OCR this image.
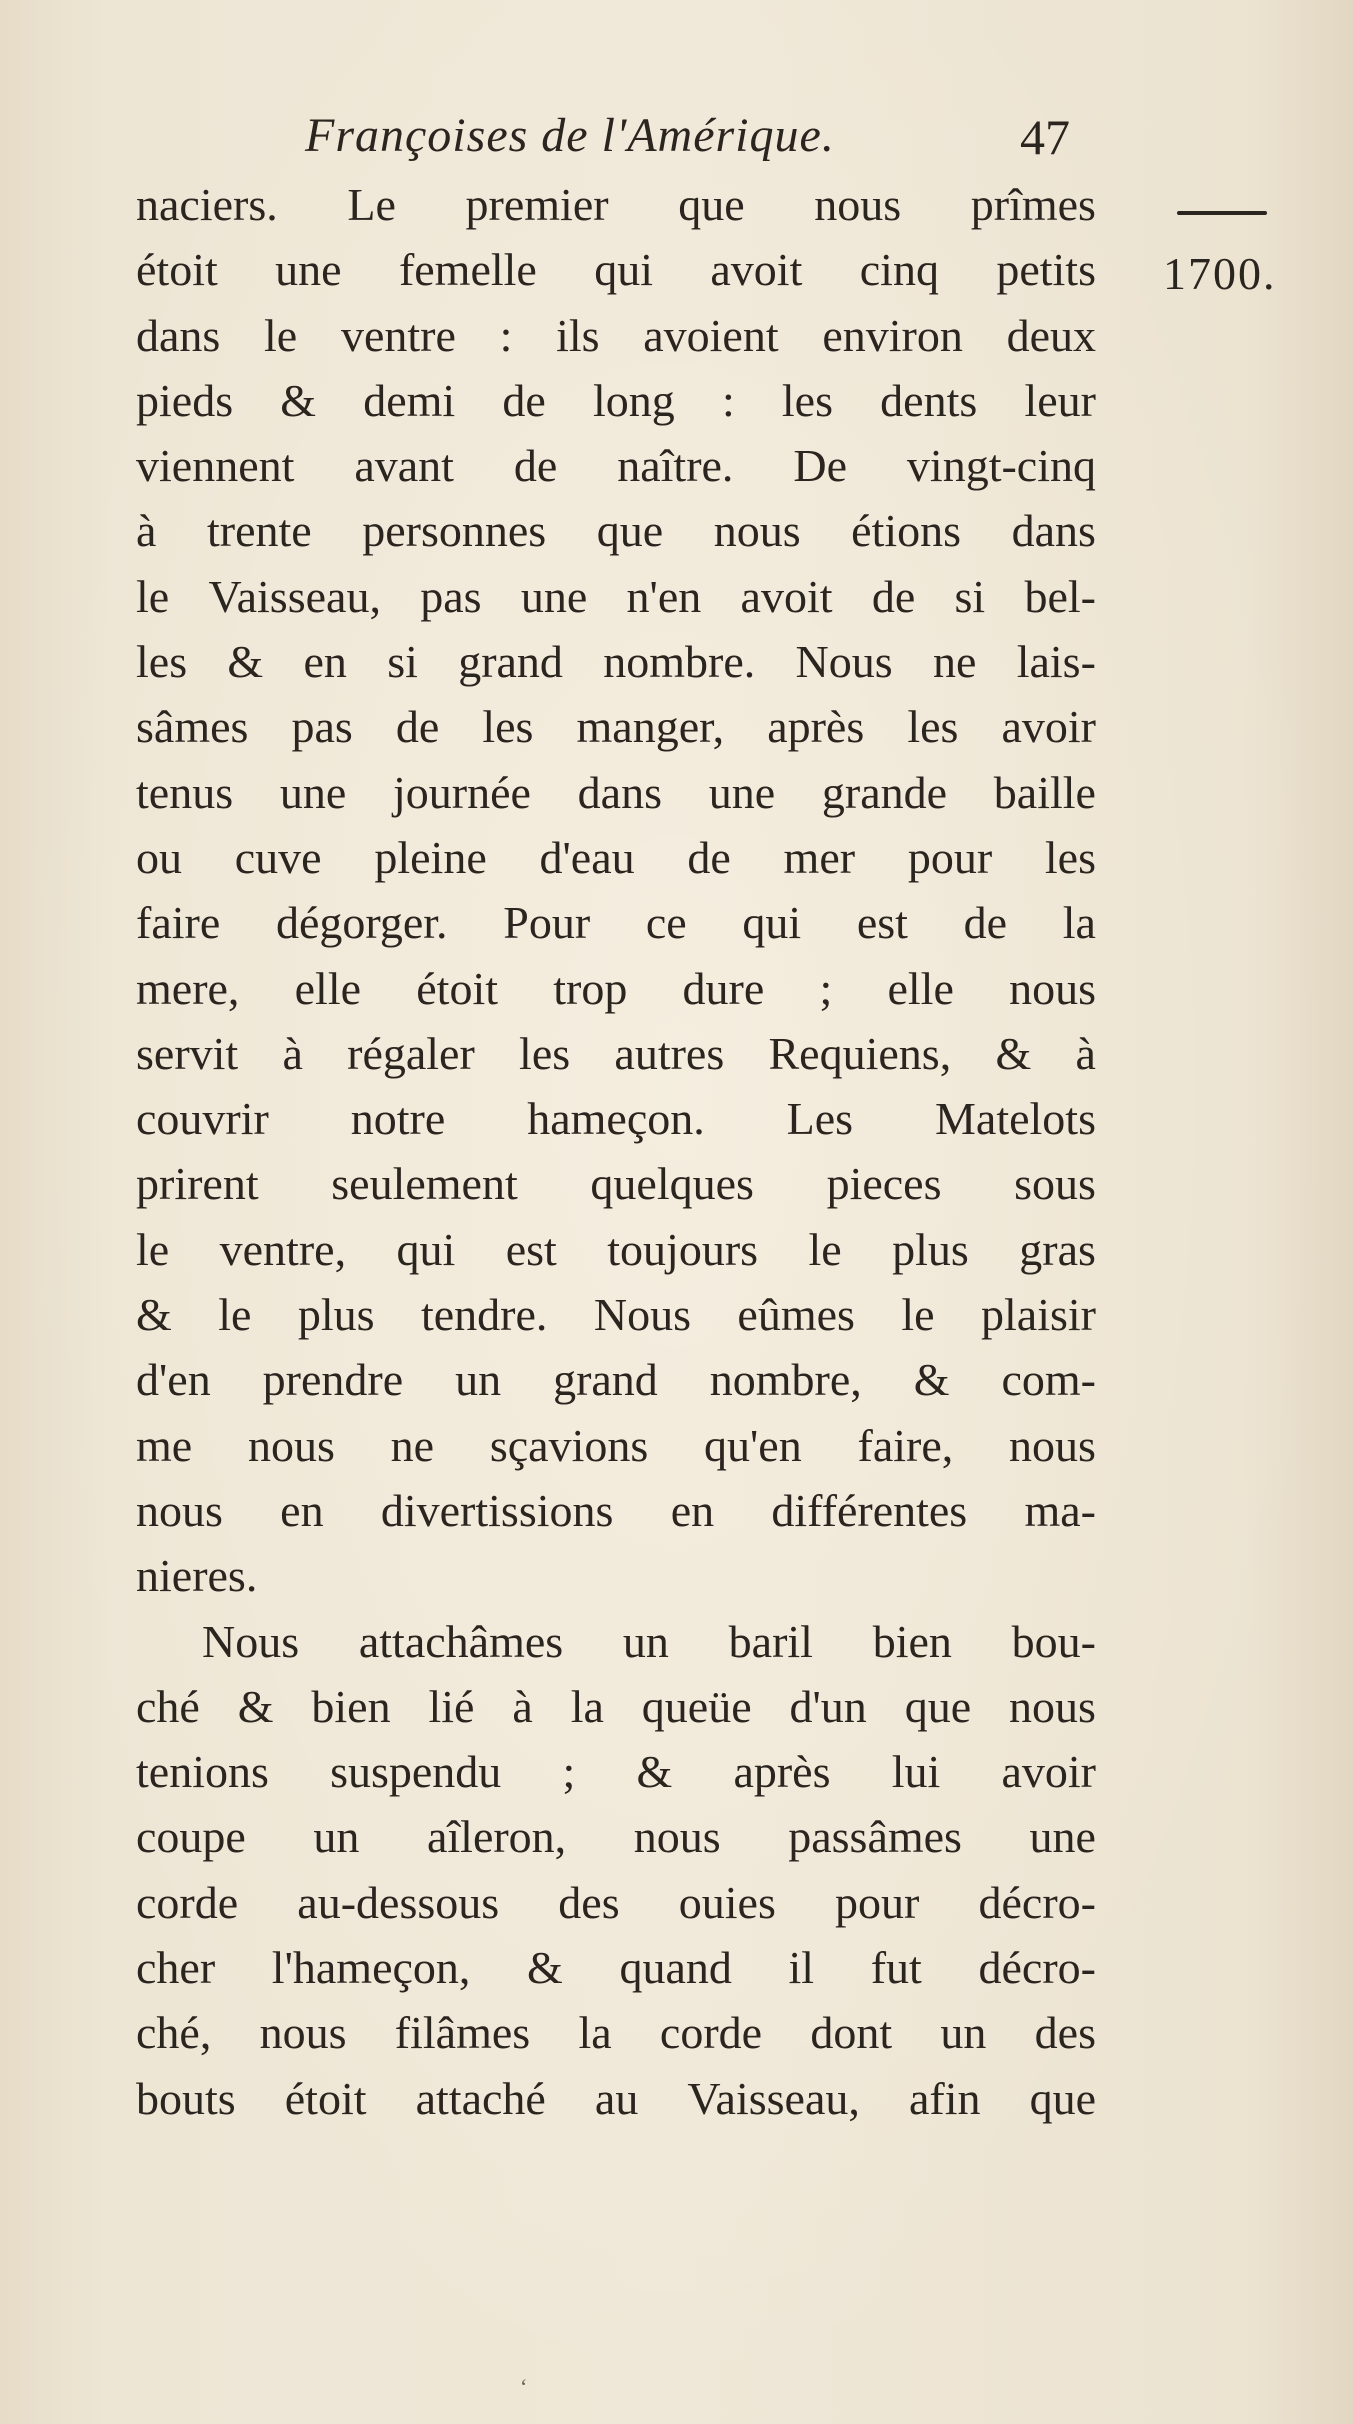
Françoises de l'Amérique.	47
1700.
naciers. Le premier que nous prîmes
étoit une femelle qui avoit cinq petits
dans le ventre : ils avoient environ deux
pieds & demi de long : les dents leur
viennent avant de naître. De vingt-cinq
à trente personnes que nous étions dans
le Vaisseau, pas une n'en avoit de si bel-
les & en si grand nombre. Nous ne lais-
sâmes pas de les manger, après les avoir
tenus une journée dans une grande baille
ou cuve pleine d'eau de mer pour les
faire dégorger. Pour ce qui est de la
mere, elle étoit trop dure ; elle nous
servit à régaler les autres Requiens, & à
couvrir notre hameçon. Les Matelots
prirent seulement quelques pieces sous
le ventre, qui est toujours le plus gras
& le plus tendre. Nous eûmes le plaisir
d'en prendre un grand nombre, & com-
me nous ne sçavions qu'en faire, nous
nous en divertissions en différentes ma-
nieres.
Nous attachâmes un baril bien bou-
ché & bien lié à la queüe d'un que nous
tenions suspendu ; & après lui avoir
coupe un aîleron, nous passâmes une
corde au-dessous des ouies pour décro-
cher l'hameçon, & quand il fut décro-
ché, nous filâmes la corde dont un des
bouts étoit attaché au Vaisseau, afin que
‘
